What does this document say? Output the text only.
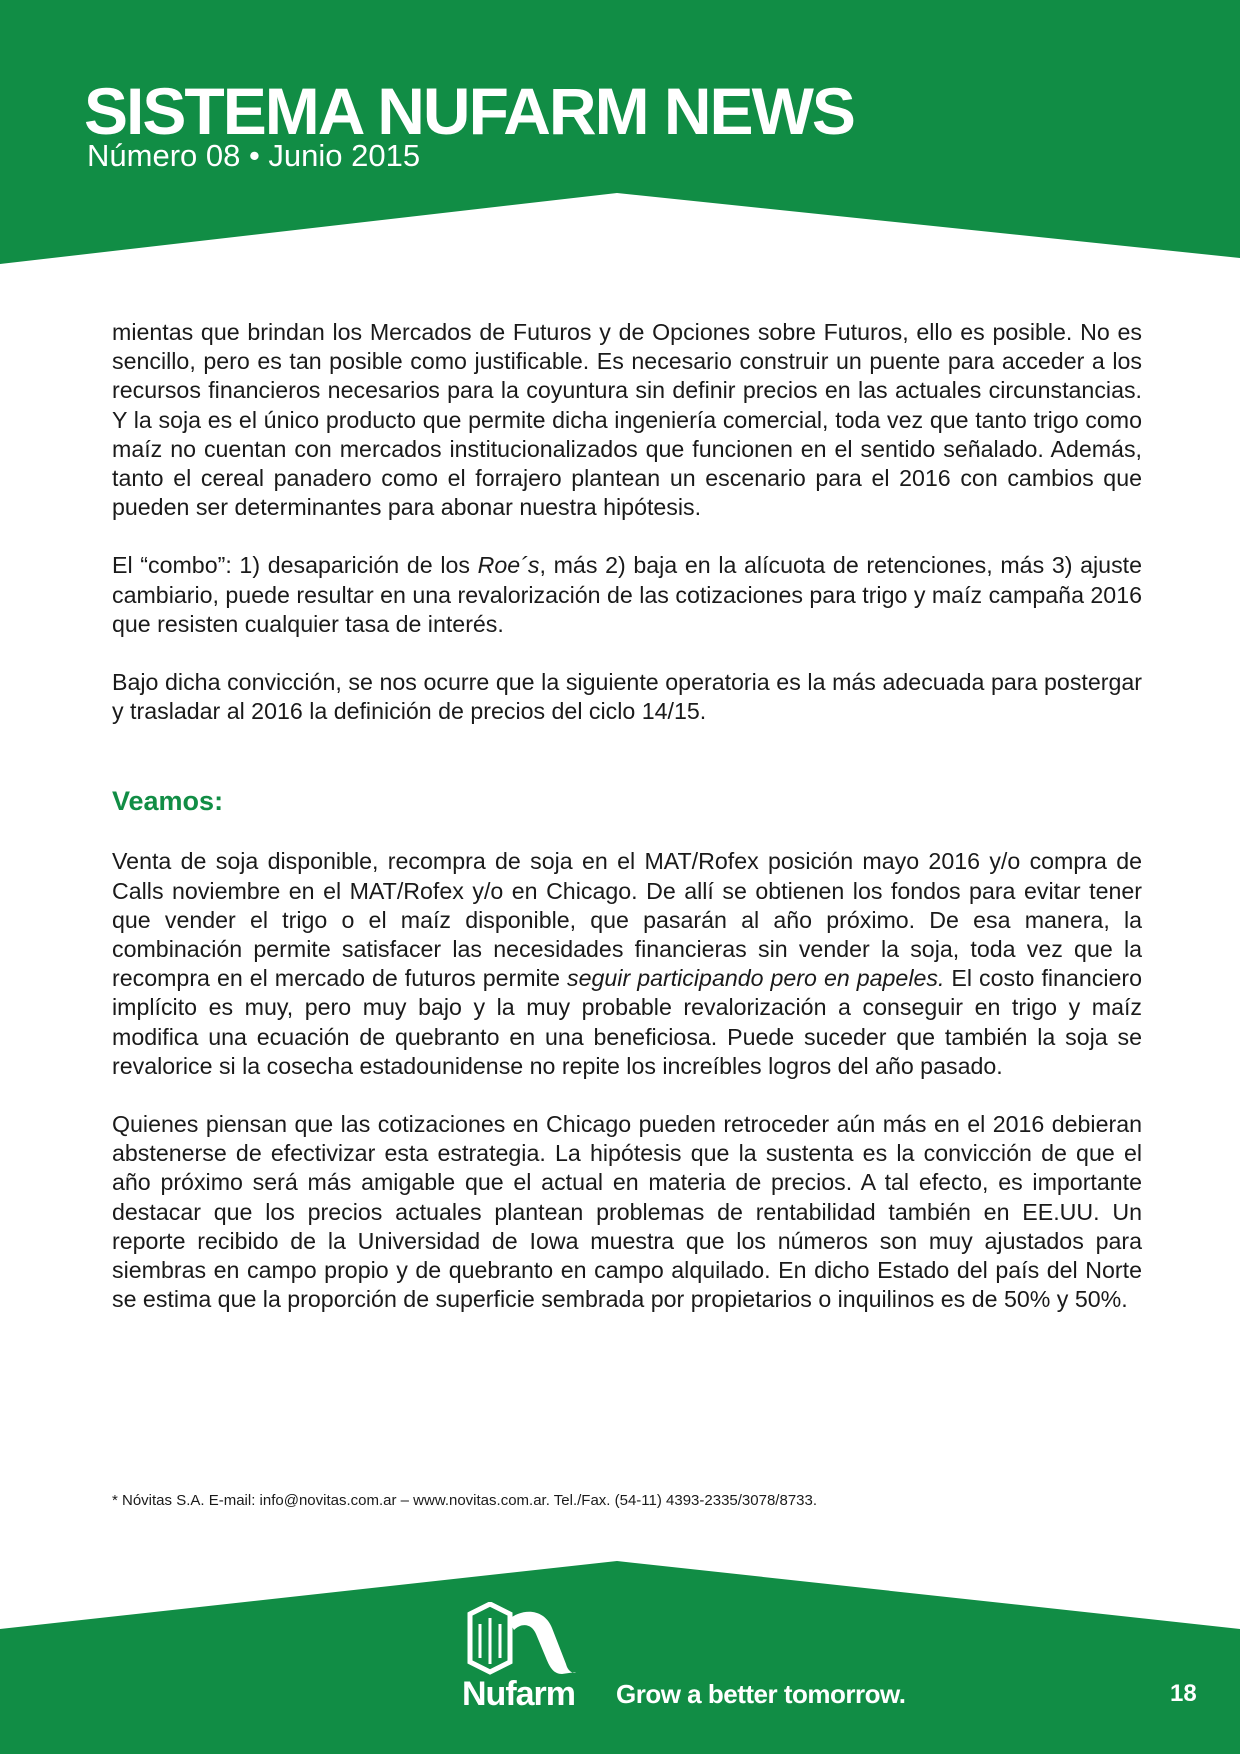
SISTEMA NUFARM NEWS
Número 08 • Junio 2015

mientas que brindan los Mercados de Futuros y de Opciones sobre Futuros, ello es posible. No es sencillo, pero es tan posible como justificable. Es necesario construir un puente para acceder a los recursos financieros necesarios para la coyuntura sin definir precios en las actuales circunstancias. Y la soja es el único producto que permite dicha ingeniería comercial, toda vez que tanto trigo como maíz no cuentan con mercados institucionalizados que funcionen en el sentido señalado. Además, tanto el cereal panadero como el forrajero plantean un escenario para el 2016 con cambios que pueden ser determinantes para abonar nuestra hipótesis.

El “combo”: 1) desaparición de los Roe´s, más 2) baja en la alícuota de retenciones, más 3) ajuste cambiario, puede resultar en una revalorización de las cotizaciones para trigo y maíz campaña 2016 que resisten cualquier tasa de interés.

Bajo dicha convicción, se nos ocurre que la siguiente operatoria es la más adecuada para postergar y trasladar al 2016 la definición de precios del ciclo 14/15.

Veamos:

Venta de soja disponible, recompra de soja en el MAT/Rofex posición mayo 2016 y/o compra de Calls noviembre en el MAT/Rofex y/o en Chicago. De allí se obtienen los fondos para evitar tener que vender el trigo o el maíz disponible, que pasarán al año próximo. De esa manera, la combinación permite satisfacer las necesidades financieras sin vender la soja, toda vez que la recompra en el mercado de futuros permite seguir participando pero en papeles. El costo financiero implícito es muy, pero muy bajo y la muy probable revalorización a conseguir en trigo y maíz modifica una ecuación de quebranto en una beneficiosa. Puede suceder que también la soja se revalorice si la cosecha estadounidense no repite los increíbles logros del año pasado.

Quienes piensan que las cotizaciones en Chicago pueden retroceder aún más en el 2016 debieran abstenerse de efectivizar esta estrategia. La hipótesis que la sustenta es la convicción de que el año próximo será más amigable que el actual en materia de precios. A tal efecto, es importante destacar que los precios actuales plantean problemas de rentabilidad también en EE.UU. Un reporte recibido de la Universidad de Iowa muestra que los números son muy ajustados para siembras en campo propio y de quebranto en campo alquilado. En dicho Estado del país del Norte se estima que la proporción de superficie sembrada por propietarios o inquilinos es de 50% y 50%.

* Nóvitas S.A. E-mail: info@novitas.com.ar – www.novitas.com.ar. Tel./Fax. (54-11) 4393-2335/3078/8733.
Nufarm Grow a better tomorrow.	18
